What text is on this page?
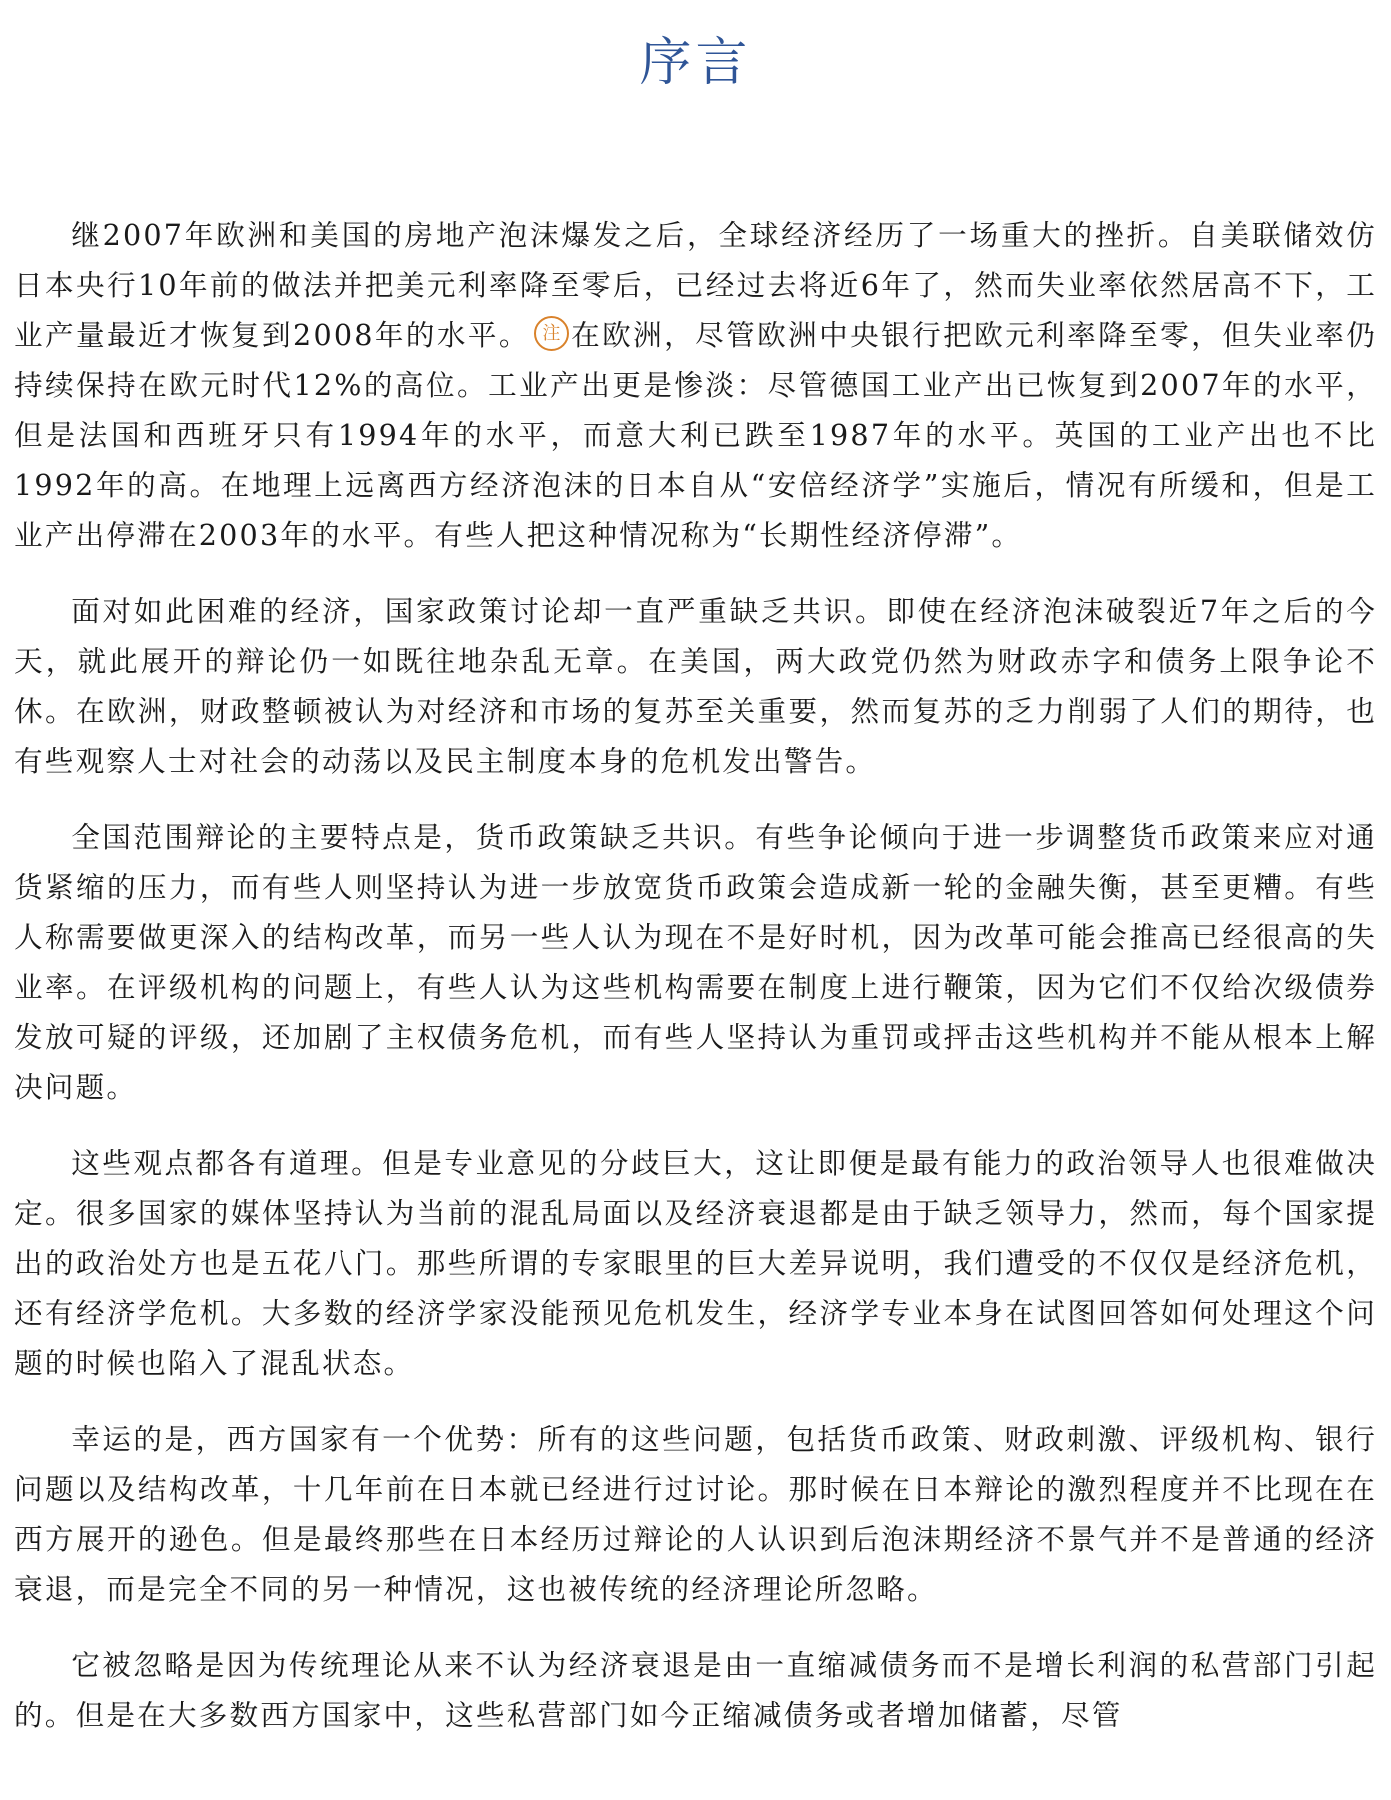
序言

继2007年欧洲和美国的房地产泡沫爆发之后，全球经济经历了一场重大的挫折。自美联储效仿日本央行10年前的做法并把美元利率降至零后，已经过去将近6年了，然而失业率依然居高不下，工业产量最近才恢复到2008年的水平。 注 在欧洲，尽管欧洲中央银行把欧元利率降至零，但失业率仍持续保持在欧元时代12%的高位。工业产出更是惨淡：尽管德国工业产出已恢复到2007年的水平，但是法国和西班牙只有1994年的水平，而意大利已跌至1987年的水平。英国的工业产出也不比1992年的高。在地理上远离西方经济泡沫的日本自从“安倍经济学”实施后，情况有所缓和，但是工业产出停滞在2003年的水平。有些人把这种情况称为“长期性经济停滞”。

面对如此困难的经济，国家政策讨论却一直严重缺乏共识。即使在经济泡沫破裂近7年之后的今天，就此展开的辩论仍一如既往地杂乱无章。在美国，两大政党仍然为财政赤字和债务上限争论不休。在欧洲，财政整顿被认为对经济和市场的复苏至关重要，然而复苏的乏力削弱了人们的期待，也有些观察人士对社会的动荡以及民主制度本身的危机发出警告。

全国范围辩论的主要特点是，货币政策缺乏共识。有些争论倾向于进一步调整货币政策来应对通货紧缩的压力，而有些人则坚持认为进一步放宽货币政策会造成新一轮的金融失衡，甚至更糟。有些人称需要做更深入的结构改革，而另一些人认为现在不是好时机，因为改革可能会推高已经很高的失业率。在评级机构的问题上，有些人认为这些机构需要在制度上进行鞭策，因为它们不仅给次级债券发放可疑的评级，还加剧了主权债务危机，而有些人坚持认为重罚或抨击这些机构并不能从根本上解决问题。

这些观点都各有道理。但是专业意见的分歧巨大，这让即便是最有能力的政治领导人也很难做决定。很多国家的媒体坚持认为当前的混乱局面以及经济衰退都是由于缺乏领导力，然而，每个国家提出的政治处方也是五花八门。那些所谓的专家眼里的巨大差异说明，我们遭受的不仅仅是经济危机，还有经济学危机。大多数的经济学家没能预见危机发生，经济学专业本身在试图回答如何处理这个问题的时候也陷入了混乱状态。

幸运的是，西方国家有一个优势：所有的这些问题，包括货币政策、财政刺激、评级机构、银行问题以及结构改革，十几年前在日本就已经进行过讨论。那时候在日本辩论的激烈程度并不比现在在西方展开的逊色。但是最终那些在日本经历过辩论的人认识到后泡沫期经济不景气并不是普通的经济衰退，而是完全不同的另一种情况，这也被传统的经济理论所忽略。

它被忽略是因为传统理论从来不认为经济衰退是由一直缩减债务而不是增长利润的私营部门引起的。但是在大多数西方国家中，这些私营部门如今正缩减债务或者增加储蓄，尽管
